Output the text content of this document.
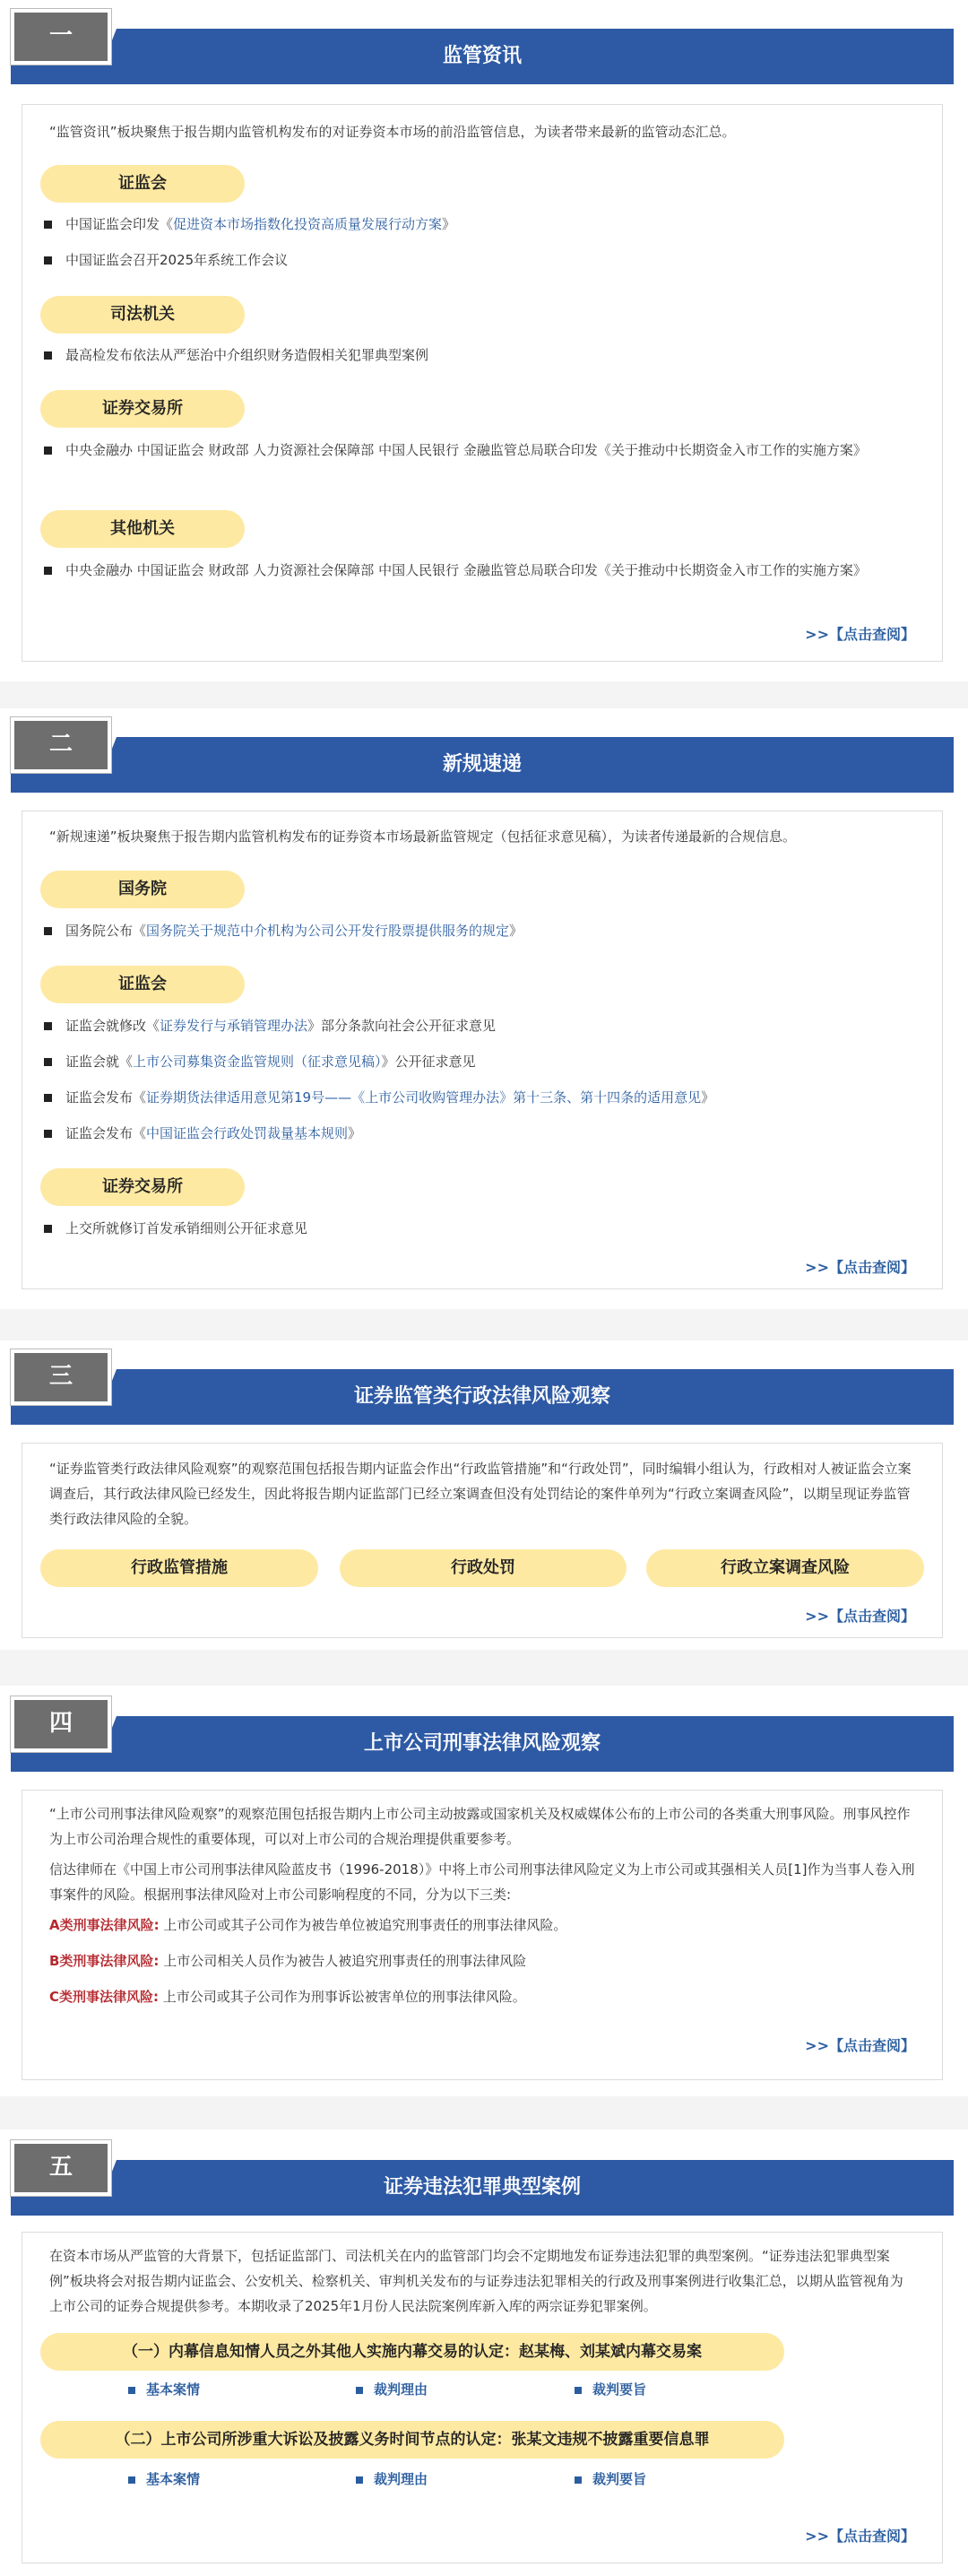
一
监管资讯
“监管资讯”板块聚焦于报告期内监管机构发布的对证券资本市场的前沿监管信息，为读者带来最新的监管动态汇总。
证监会
中国证监会印发《促进资本市场指数化投资高质量发展行动方案》
中国证监会召开2025年系统工作会议
司法机关
最高检发布依法从严惩治中介组织财务造假相关犯罪典型案例
证券交易所
中央金融办 中国证监会 财政部 人力资源社会保障部 中国人民银行 金融监管总局联合印发《关于推动中长期资金入市工作的实施方案》
其他机关
中央金融办 中国证监会 财政部 人力资源社会保障部 中国人民银行 金融监管总局联合印发《关于推动中长期资金入市工作的实施方案》
>>【点击查阅】
二
新规速递
“新规速递”板块聚焦于报告期内监管机构发布的证券资本市场最新监管规定（包括征求意见稿），为读者传递最新的合规信息。
国务院
国务院公布《国务院关于规范中介机构为公司公开发行股票提供服务的规定》
证监会
证监会就修改《证券发行与承销管理办法》部分条款向社会公开征求意见
证监会就《上市公司募集资金监管规则（征求意见稿）》公开征求意见
证监会发布《证券期货法律适用意见第19号——《上市公司收购管理办法》第十三条、第十四条的适用意见》
证监会发布《中国证监会行政处罚裁量基本规则》
证券交易所
上交所就修订首发承销细则公开征求意见
>>【点击查阅】
三
证券监管类行政法律风险观察
“证券监管类行政法律风险观察”的观察范围包括报告期内证监会作出“行政监管措施”和“行政处罚”，同时编辑小组认为，行政相对人被证监会立案调查后，其行政法律风险已经发生，因此将报告期内证监部门已经立案调查但没有处罚结论的案件单列为“行政立案调查风险”，以期呈现证券监管类行政法律风险的全貌。
行政监管措施	行政处罚	行政立案调查风险
>>【点击查阅】
四
上市公司刑事法律风险观察
“上市公司刑事法律风险观察”的观察范围包括报告期内上市公司主动披露或国家机关及权威媒体公布的上市公司的各类重大刑事风险。刑事风控作为上市公司治理合规性的重要体现，可以对上市公司的合规治理提供重要参考。
信达律师在《中国上市公司刑事法律风险蓝皮书（1996-2018）》中将上市公司刑事法律风险定义为上市公司或其强相关人员[1]作为当事人卷入刑事案件的风险。根据刑事法律风险对上市公司影响程度的不同，分为以下三类:
A类刑事法律风险: 上市公司或其子公司作为被告单位被追究刑事责任的刑事法律风险。
B类刑事法律风险: 上市公司相关人员作为被告人被追究刑事责任的刑事法律风险
C类刑事法律风险: 上市公司或其子公司作为刑事诉讼被害单位的刑事法律风险。
>>【点击查阅】
五
证券违法犯罪典型案例
在资本市场从严监管的大背景下，包括证监部门、司法机关在内的监管部门均会不定期地发布证券违法犯罪的典型案例。“证券违法犯罪典型案例”板块将会对报告期内证监会、公安机关、检察机关、审判机关发布的与证券违法犯罪相关的行政及刑事案例进行收集汇总，以期从监管视角为上市公司的证券合规提供参考。本期收录了2025年1月份人民法院案例库新入库的两宗证券犯罪案例。
（一）内幕信息知情人员之外其他人实施内幕交易的认定：赵某梅、刘某斌内幕交易案
基本案情	裁判理由	裁判要旨
（二）上市公司所涉重大诉讼及披露义务时间节点的认定：张某文违规不披露重要信息罪
基本案情	裁判理由	裁判要旨
>>【点击查阅】
